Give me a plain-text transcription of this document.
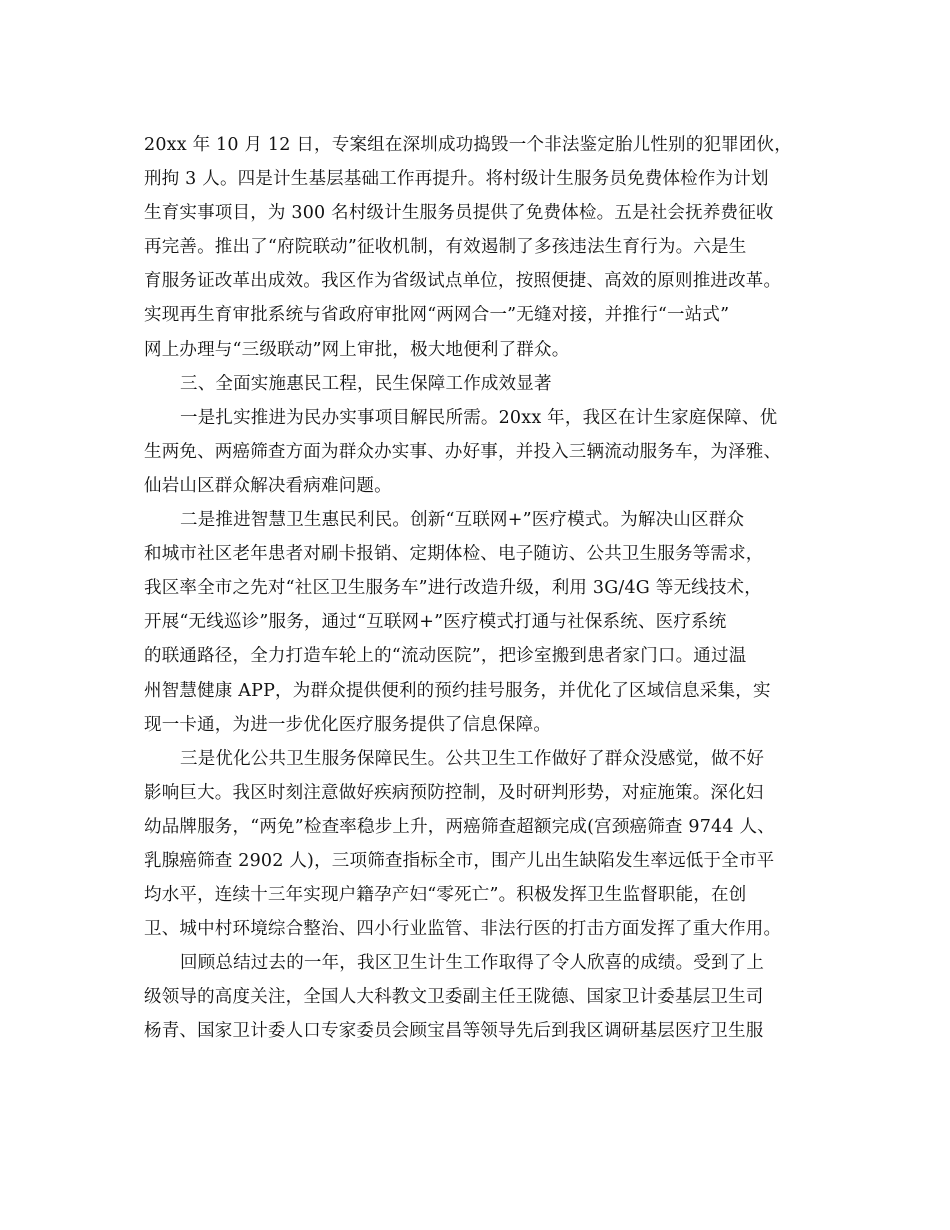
20xx 年 10 月 12 日，专案组在深圳成功捣毁一个非法鉴定胎儿性别的犯罪团伙，
刑拘 3 人。四是计生基层基础工作再提升。将村级计生服务员免费体检作为计划
生育实事项目，为 300 名村级计生服务员提供了免费体检。五是社会抚养费征收
再完善。推出了“府院联动”征收机制，有效遏制了多孩违法生育行为。六是生
育服务证改革出成效。我区作为省级试点单位，按照便捷、高效的原则推进改革。
实现再生育审批系统与省政府审批网“两网合一”无缝对接，并推行“一站式”
网上办理与“三级联动”网上审批，极大地便利了群众。
三、全面实施惠民工程，民生保障工作成效显著
一是扎实推进为民办实事项目解民所需。20xx 年，我区在计生家庭保障、优
生两免、两癌筛查方面为群众办实事、办好事，并投入三辆流动服务车，为泽雅、
仙岩山区群众解决看病难问题。
二是推进智慧卫生惠民利民。创新“互联网+”医疗模式。为解决山区群众
和城市社区老年患者对刷卡报销、定期体检、电子随访、公共卫生服务等需求，
我区率全市之先对“社区卫生服务车”进行改造升级，利用 3G/4G 等无线技术，
开展“无线巡诊”服务，通过“互联网+”医疗模式打通与社保系统、医疗系统
的联通路径，全力打造车轮上的“流动医院”，把诊室搬到患者家门口。通过温
州智慧健康 APP，为群众提供便利的预约挂号服务，并优化了区域信息采集，实
现一卡通，为进一步优化医疗服务提供了信息保障。
三是优化公共卫生服务保障民生。公共卫生工作做好了群众没感觉，做不好
影响巨大。我区时刻注意做好疾病预防控制，及时研判形势，对症施策。深化妇
幼品牌服务，“两免”检查率稳步上升，两癌筛查超额完成(宫颈癌筛查 9744 人、
乳腺癌筛查 2902 人)，三项筛查指标全市，围产儿出生缺陷发生率远低于全市平
均水平，连续十三年实现户籍孕产妇“零死亡”。积极发挥卫生监督职能，在创
卫、城中村环境综合整治、四小行业监管、非法行医的打击方面发挥了重大作用。
回顾总结过去的一年，我区卫生计生工作取得了令人欣喜的成绩。受到了上
级领导的高度关注，全国人大科教文卫委副主任王陇德、国家卫计委基层卫生司
杨青、国家卫计委人口专家委员会顾宝昌等领导先后到我区调研基层医疗卫生服
